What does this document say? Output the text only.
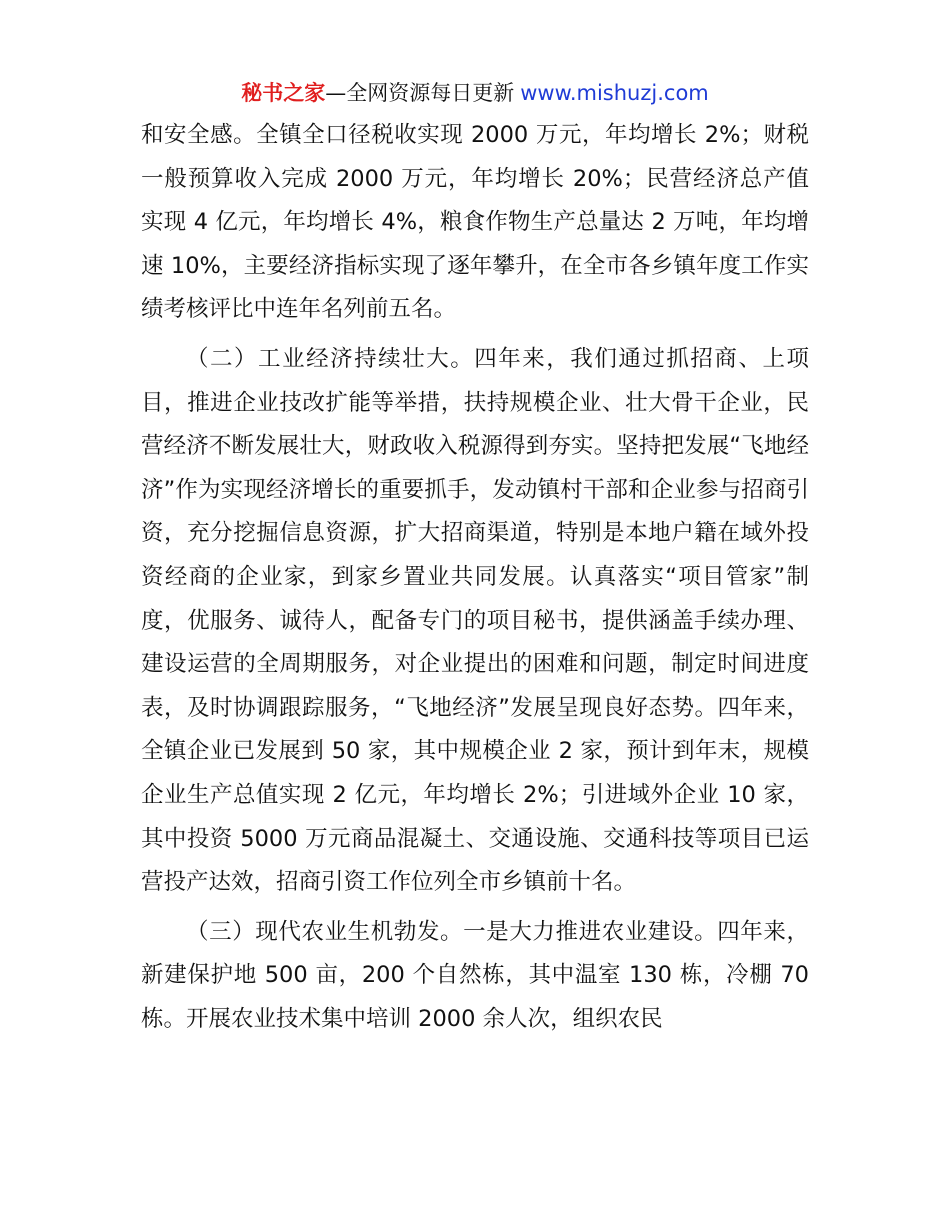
秘书之家—全网资源每日更新 www.mishuzj.com

和安全感。全镇全口径税收实现 2000 万元，年均增长 2%；财税一般预算收入完成 2000 万元，年均增长 20%；民营经济总产值实现 4 亿元，年均增长 4%，粮食作物生产总量达 2 万吨，年均增速 10%，主要经济指标实现了逐年攀升，在全市各乡镇年度工作实绩考核评比中连年名列前五名。

（二）工业经济持续壮大。四年来，我们通过抓招商、上项目，推进企业技改扩能等举措，扶持规模企业、壮大骨干企业，民营经济不断发展壮大，财政收入税源得到夯实。坚持把发展“飞地经济”作为实现经济增长的重要抓手，发动镇村干部和企业参与招商引资，充分挖掘信息资源，扩大招商渠道，特别是本地户籍在域外投资经商的企业家，到家乡置业共同发展。认真落实“项目管家”制度，优服务、诚待人，配备专门的项目秘书，提供涵盖手续办理、建设运营的全周期服务，对企业提出的困难和问题，制定时间进度表，及时协调跟踪服务，“飞地经济”发展呈现良好态势。四年来，全镇企业已发展到 50 家，其中规模企业 2 家，预计到年末，规模企业生产总值实现 2 亿元，年均增长 2%；引进域外企业 10 家，其中投资 5000 万元商品混凝土、交通设施、交通科技等项目已运营投产达效，招商引资工作位列全市乡镇前十名。

（三）现代农业生机勃发。一是大力推进农业建设。四年来，新建保护地 500 亩，200 个自然栋，其中温室 130 栋，冷棚 70 栋。开展农业技术集中培训 2000 余人次，组织农民
